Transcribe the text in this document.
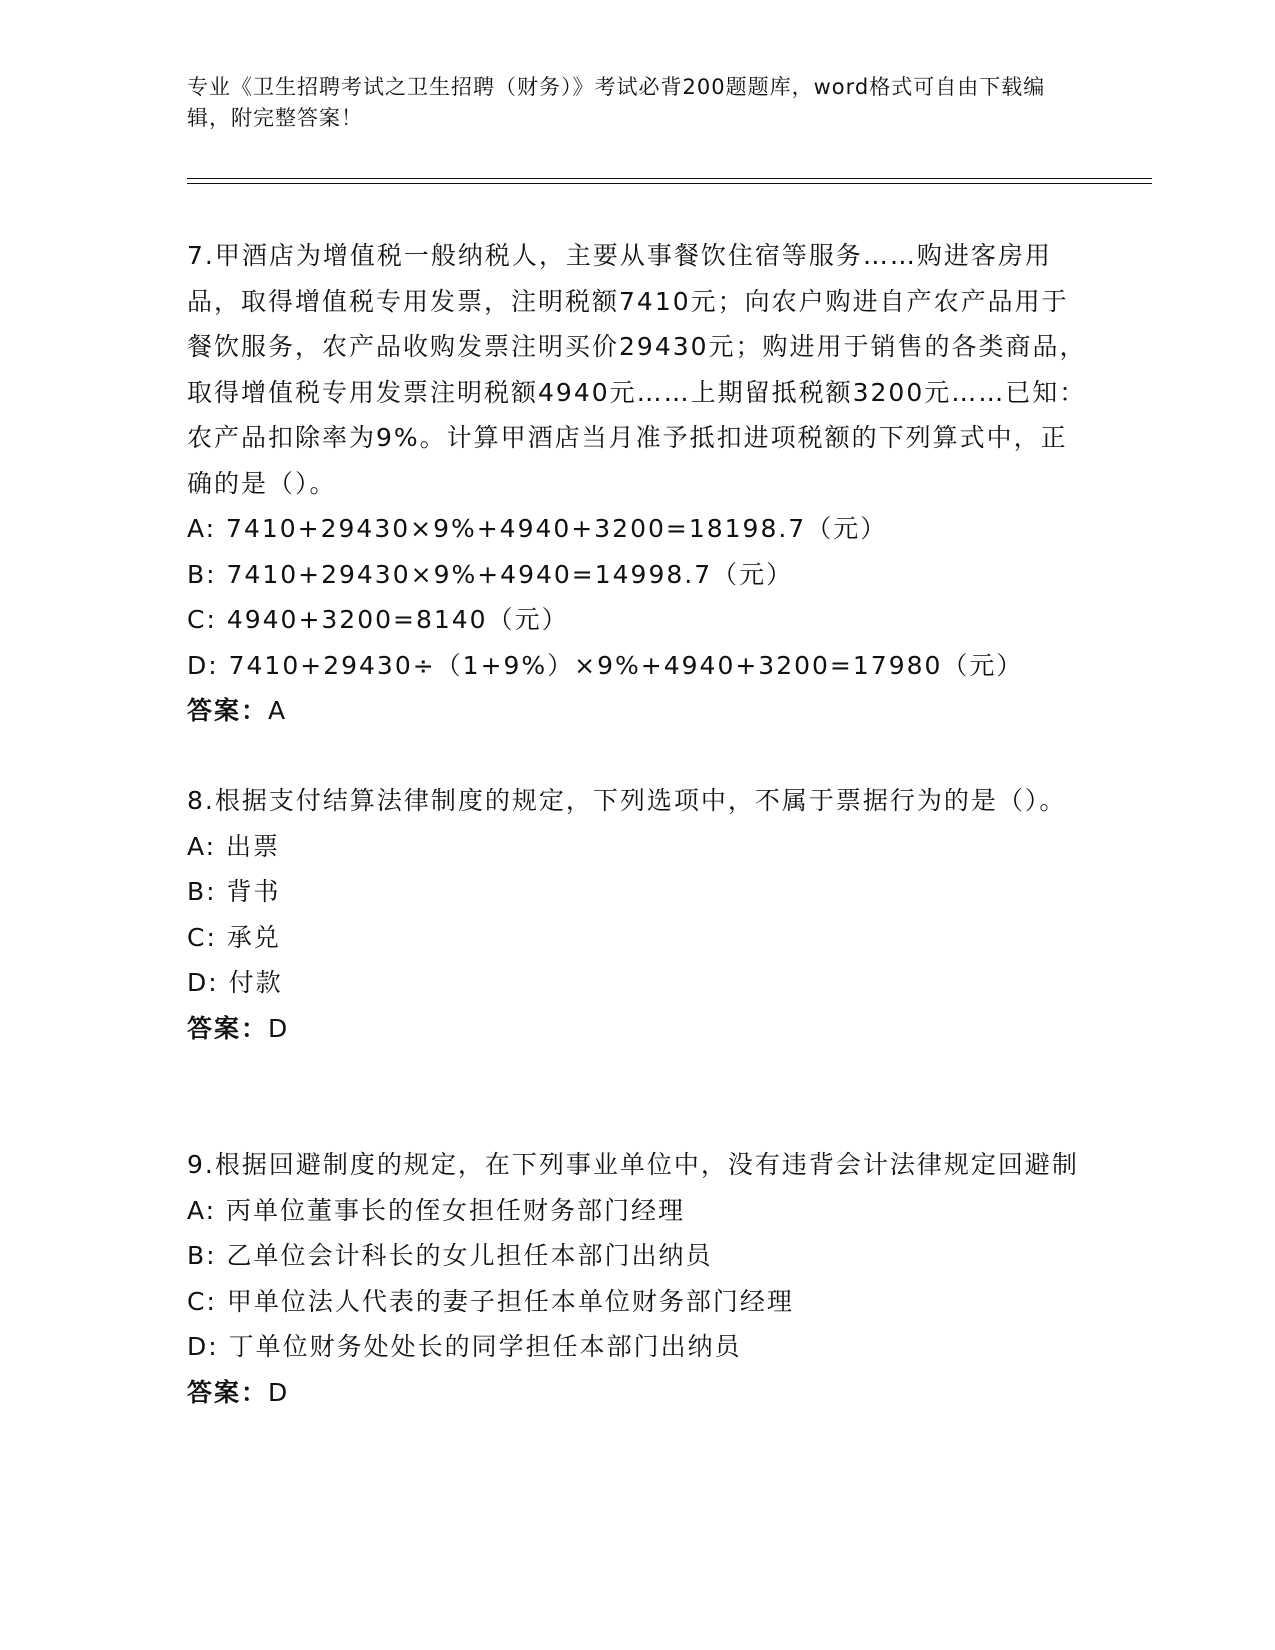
专业《卫生招聘考试之卫生招聘（财务）》考试必背200题题库，word格式可自由下载编辑，附完整答案！
7.甲酒店为增值税一般纳税人，主要从事餐饮住宿等服务……购进客房用品，取得增值税专用发票，注明税额7410元；向农户购进自产农产品用于餐饮服务，农产品收购发票注明买价29430元；购进用于销售的各类商品，取得增值税专用发票注明税额4940元……上期留抵税额3200元……已知：农产品扣除率为9%。计算甲酒店当月准予抵扣进项税额的下列算式中，正确的是（）。
A: 7410+29430×9%+4940+3200=18198.7（元）
B: 7410+29430×9%+4940=14998.7（元）
C: 4940+3200=8140（元）
D: 7410+29430÷（1+9%）×9%+4940+3200=17980（元）
答案：A
8.根据支付结算法律制度的规定，下列选项中，不属于票据行为的是（）。
A: 出票
B: 背书
C: 承兑
D: 付款
答案：D
9.根据回避制度的规定，在下列事业单位中，没有违背会计法律规定回避制
A: 丙单位董事长的侄女担任财务部门经理
B: 乙单位会计科长的女儿担任本部门出纳员
C: 甲单位法人代表的妻子担任本单位财务部门经理
D: 丁单位财务处处长的同学担任本部门出纳员
答案：D
